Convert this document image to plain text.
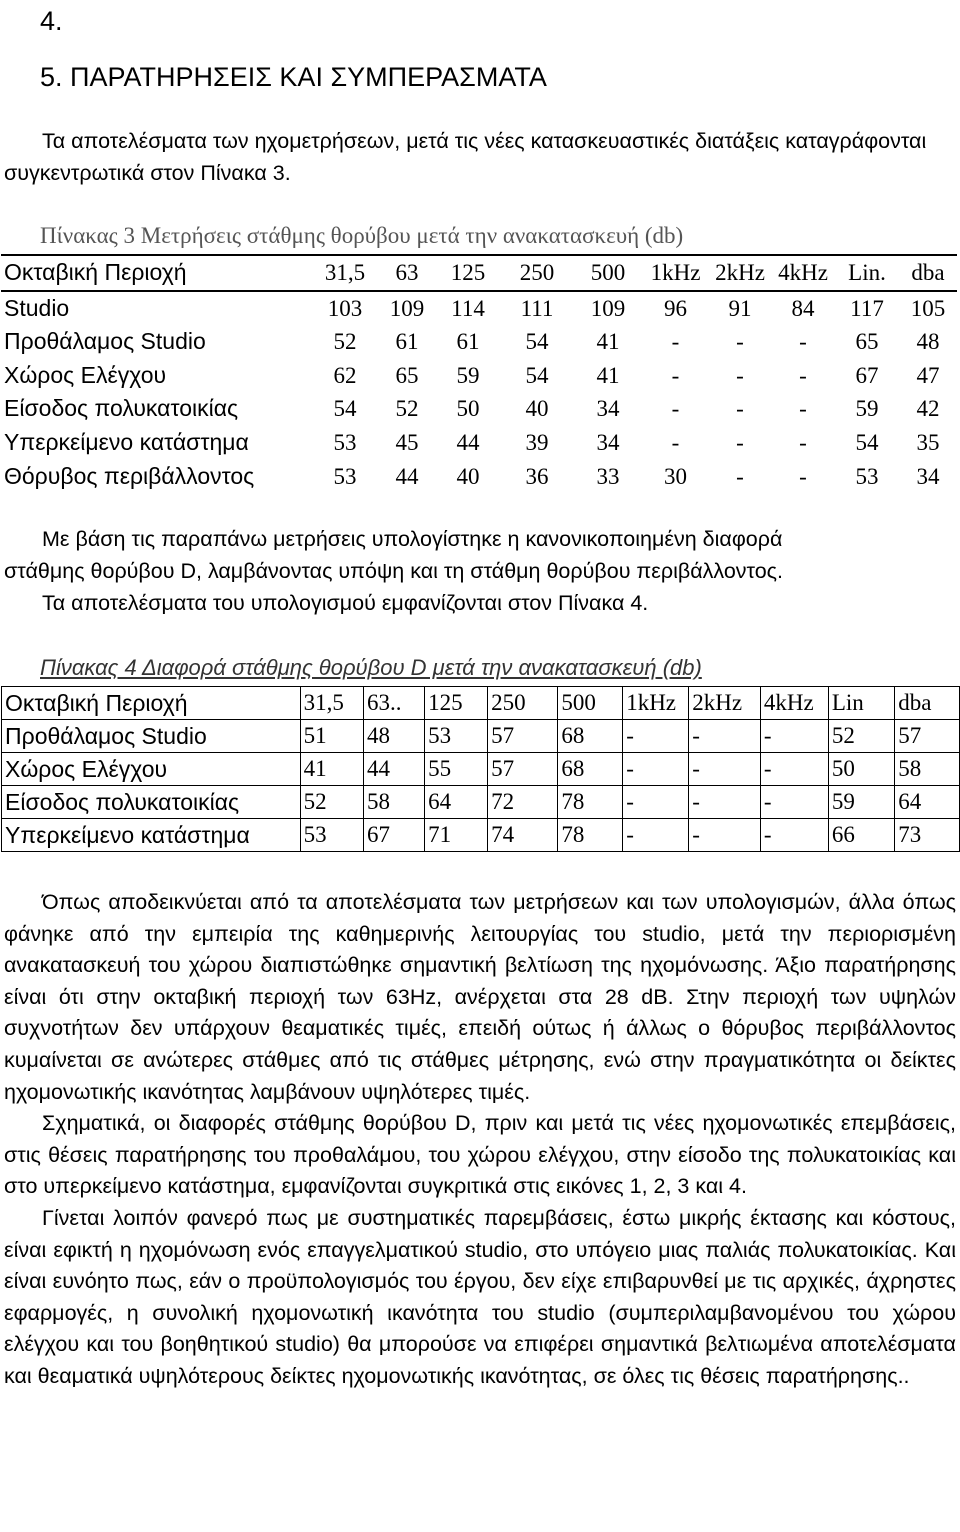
4.
5. ΠΑΡΑΤΗΡΗΣΕΙΣ ΚΑΙ ΣΥΜΠΕΡΑΣΜΑΤΑ

Τα αποτελέσματα των ηχομετρήσεων, μετά τις νέες κατασκευαστικές διατάξεις καταγράφονται συγκεντρωτικά στον Πίνακα 3.

Πίνακας 3 Μετρήσεις στάθμης θορύβου μετά την ανακατασκευή (db)
Οκταβική Περιοχή	31,5	63	125	250	500	1kHz	2kHz	4kHz	Lin.	dba
Studio	103	109	114	111	109	96	91	84	117	105
Προθάλαμος Studio	52	61	61	54	41	-	-	-	65	48
Χώρος Ελέγχου	62	65	59	54	41	-	-	-	67	47
Είσοδος πολυκατοικίας	54	52	50	40	34	-	-	-	59	42
Υπερκείμενο κατάστημα	53	45	44	39	34	-	-	-	54	35
Θόρυβος περιβάλλοντος	53	44	40	36	33	30	-	-	53	34
Με βάση τις παραπάνω μετρήσεις υπολογίστηκε η κανονικοποιημένη διαφορά
στάθμης θορύβου D, λαμβάνοντας υπόψη και τη στάθμη θορύβου περιβάλλοντος.
Τα αποτελέσματα του υπολογισμού εμφανίζονται στον Πίνακα 4.
Πίνακας 4 Διαφορά στάθμης θορύβου D μετά την ανακατασκευή (db)
Οκταβική Περιοχή	31,5	63..	125	250	500	1kHz	2kHz	4kHz	Lin	dba
Προθάλαμος Studio	51	48	53	57	68	-	-	-	52	57
Χώρος Ελέγχου	41	44	55	57	68	-	-	-	50	58
Είσοδος πολυκατοικίας	52	58	64	72	78	-	-	-	59	64
Υπερκείμενο κατάστημα	53	67	71	74	78	-	-	-	66	73

Όπως αποδεικνύεται από τα αποτελέσματα των μετρήσεων και των υπολογισμών, άλλα όπως φάνηκε από την εμπειρία της καθημερινής λειτουργίας του studio, μετά την περιορισμένη ανακατασκευή του χώρου διαπιστώθηκε σημαντική βελτίωση της ηχομόνωσης. Άξιο παρατήρησης είναι ότι στην οκταβική περιοχή των 63Hz, ανέρχεται στα 28 dB. Στην περιοχή των υψηλών συχνοτήτων δεν υπάρχουν θεαματικές τιμές, επειδή ούτως ή άλλως ο θόρυβος περιβάλλοντος κυμαίνεται σε ανώτερες στάθμες από τις στάθμες μέτρησης, ενώ στην πραγματικότητα οι δείκτες ηχομονωτικής ικανότητας λαμβάνουν υψηλότερες τιμές.

Σχηματικά, οι διαφορές στάθμης θορύβου D, πριν και μετά τις νέες ηχομονωτικές επεμβάσεις, στις θέσεις παρατήρησης του προθαλάμου, του χώρου ελέγχου, στην είσοδο της πολυκατοικίας και στο υπερκείμενο κατάστημα, εμφανίζονται συγκριτικά στις εικόνες 1, 2, 3 και 4.

Γίνεται λοιπόν φανερό πως με συστηματικές παρεμβάσεις, έστω μικρής έκτασης και κόστους, είναι εφικτή η ηχομόνωση ενός επαγγελματικού studio, στο υπόγειο μιας παλιάς πολυκατοικίας. Και είναι ευνόητο πως, εάν ο προϋπολογισμός του έργου, δεν είχε επιβαρυνθεί με τις αρχικές, άχρηστες εφαρμογές, η συνολική ηχομονωτική ικανότητα του studio (συμπεριλαμβανομένου του χώρου ελέγχου και του βοηθητικού studio) θα μπορούσε να επιφέρει σημαντικά βελτιωμένα αποτελέσματα και θεαματικά υψηλότερους δείκτες ηχομονωτικής ικανότητας, σε όλες τις θέσεις παρατήρησης..
